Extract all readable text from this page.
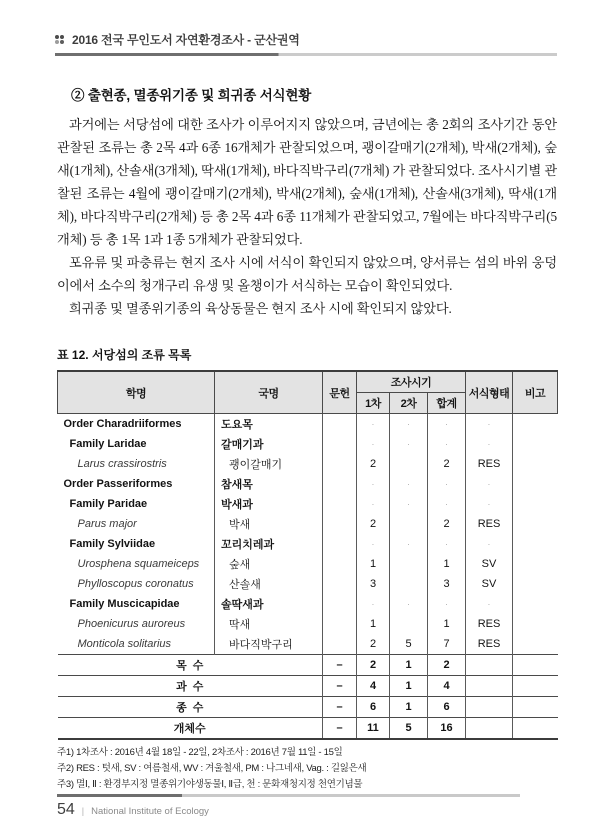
2016 전국 무인도서 자연환경조사 - 군산권역

② 출현종, 멸종위기종 및 희귀종 서식현황

과거에는 서당섬에 대한 조사가 이루어지지 않았으며, 금년에는 총 2회의 조사기간 동안 관찰된 조류는 총 2목 4과 6종 16개체가 관찰되었으며, 괭이갈매기(2개체), 박새(2개체), 숲새(1개체), 산솔새(3개체), 딱새(1개체), 바다직박구리(7개체) 가 관찰되었다. 조사시기별 관찰된 조류는 4월에 괭이갈매기(2개체), 박새(2개체), 숲새(1개체), 산솔새(3개체), 딱새(1개체), 바다직박구리(2개체) 등 총 2목 4과 6종 11개체가 관찰되었고, 7월에는 바다직박구리(5개체) 등 총 1목 1과 1종 5개체가 관찰되었다.

포유류 및 파충류는 현지 조사 시에 서식이 확인되지 않았으며, 양서류는 섬의 바위 웅덩이에서 소수의 청개구리 유생 및 올챙이가 서식하는 모습이 확인되었다.

희귀종 및 멸종위기종의 육상동물은 현지 조사 시에 확인되지 않았다.

표 12. 서당섬의 조류 목록

학명	국명	문헌	조사시기			서식형태	비고
			1차	2차	합계		
Order Charadriiformes	도요목		·	·	·	·	
Family Laridae	갈매기과		·	·	·	·	
Larus crassirostris	괭이갈매기		2		2	RES	
Order Passeriformes	참새목		·	·	·	·	
Family Paridae	박새과		·	·	·	·	
Parus major	박새		2		2	RES	
Family Sylviidae	꼬리치레과		·	·	·	·	
Urosphena squameiceps	숲새		1		1	SV	
Phylloscopus coronatus	산솔새		3		3	SV	
Family Muscicapidae	솔딱새과		·	·	·	·	
Phoenicurus auroreus	딱새		1		1	RES	
Monticola solitarius	바다직박구리		2	5	7	RES	
목  수		–	2	1	2		
과  수		–	4	1	4		
종  수		–	6	1	6		
개체수		–	11	5	16		

주1) 1차조사 : 2016년 4월 18일 - 22일, 2차조사 : 2016년 7월 11일 - 15일

주2) RES : 텃새, SV : 여름철새, WV : 겨울철새, PM : 나그네새, Vag. : 길잃은새

주3) 멸Ⅰ, Ⅱ : 환경부지정 멸종위기야생동물Ⅰ, Ⅱ급, 천 : 문화재청지정 천연기념물

54 | National Institute of Ecology
